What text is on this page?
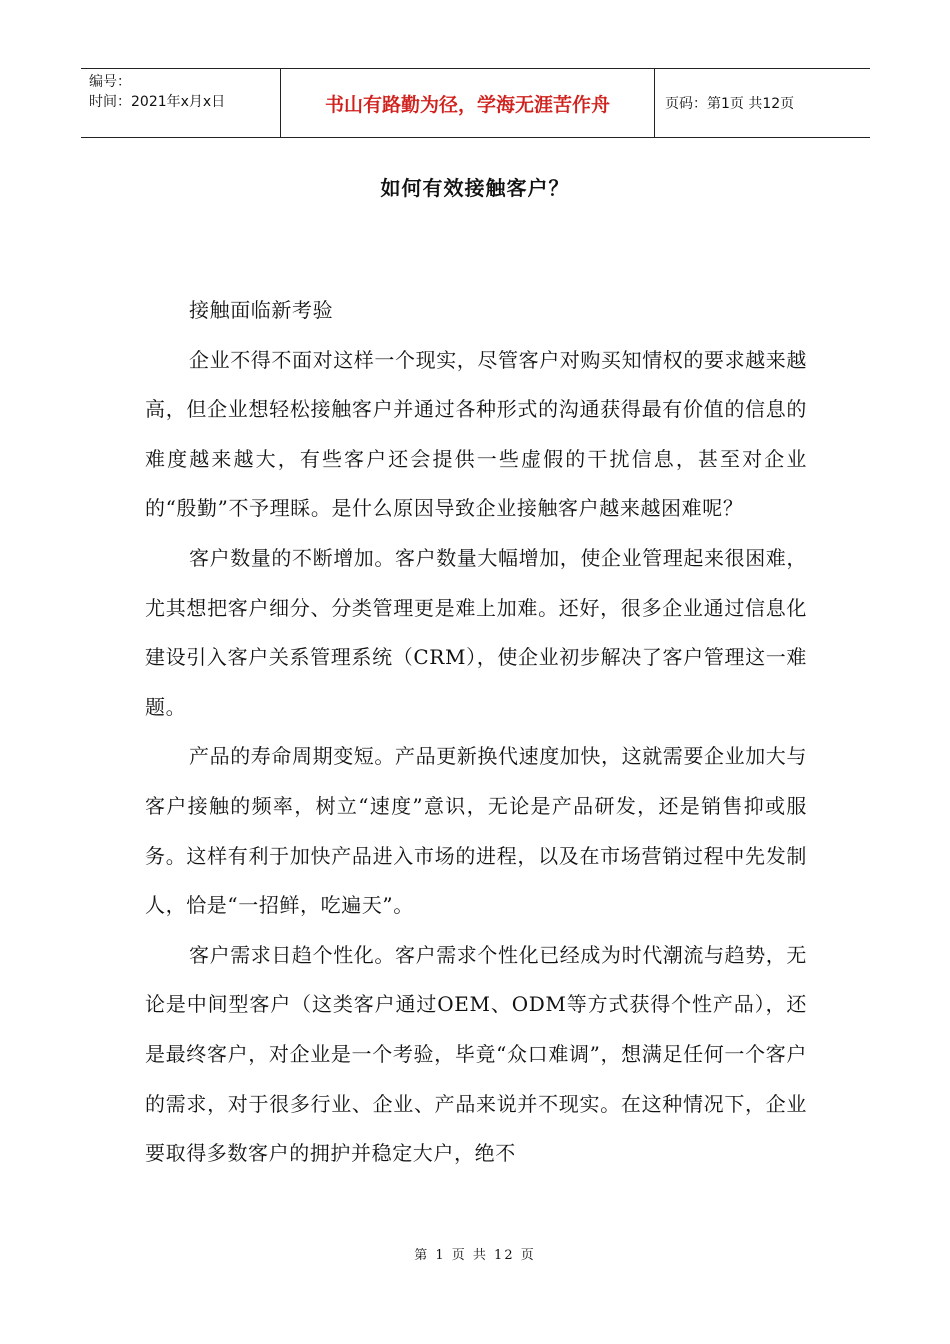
编号：
时间：2021年x月x日	书山有路勤为径，学海无涯苦作舟	页码：第1页 共12页
如何有效接触客户？

接触面临新考验

企业不得不面对这样一个现实，尽管客户对购买知情权的要求越来越高，但企业想轻松接触客户并通过各种形式的沟通获得最有价值的信息的难度越来越大，有些客户还会提供一些虚假的干扰信息，甚至对企业的“殷勤”不予理睬。是什么原因导致企业接触客户越来越困难呢？

客户数量的不断增加。客户数量大幅增加，使企业管理起来很困难，尤其想把客户细分、分类管理更是难上加难。还好，很多企业通过信息化建设引入客户关系管理系统（CRM），使企业初步解决了客户管理这一难题。

产品的寿命周期变短。产品更新换代速度加快，这就需要企业加大与客户接触的频率，树立“速度”意识，无论是产品研发，还是销售抑或服务。这样有利于加快产品进入市场的进程，以及在市场营销过程中先发制人，恰是“一招鲜，吃遍天”。

客户需求日趋个性化。客户需求个性化已经成为时代潮流与趋势，无论是中间型客户（这类客户通过OEM、ODM等方式获得个性产品），还是最终客户，对企业是一个考验，毕竟“众口难调”，想满足任何一个客户的需求，对于很多行业、企业、产品来说并不现实。在这种情况下，企业要取得多数客户的拥护并稳定大户，绝不

第 1 页 共 12 页
